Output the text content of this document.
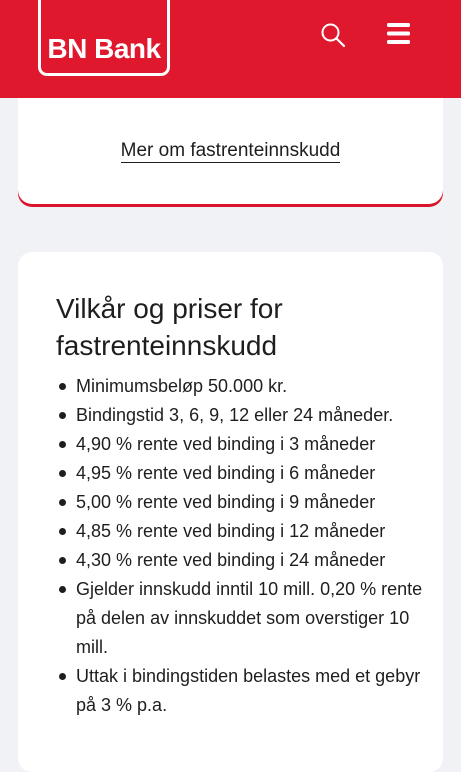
BN Bank
Mer om fastrenteinnskudd
Vilkår og priser for fastrenteinnskudd
Minimumsbeløp 50.000 kr.
Bindingstid 3, 6, 9, 12 eller 24 måneder.
4,90 % rente ved binding i 3 måneder
4,95 % rente ved binding i 6 måneder
5,00 % rente ved binding i 9 måneder
4,85 % rente ved binding i 12 måneder
4,30 % rente ved binding i 24 måneder
Gjelder innskudd inntil 10 mill. 0,20 % rente på delen av innskuddet som overstiger 10 mill.
Uttak i bindingstiden belastes med et gebyr på 3 % p.a.
